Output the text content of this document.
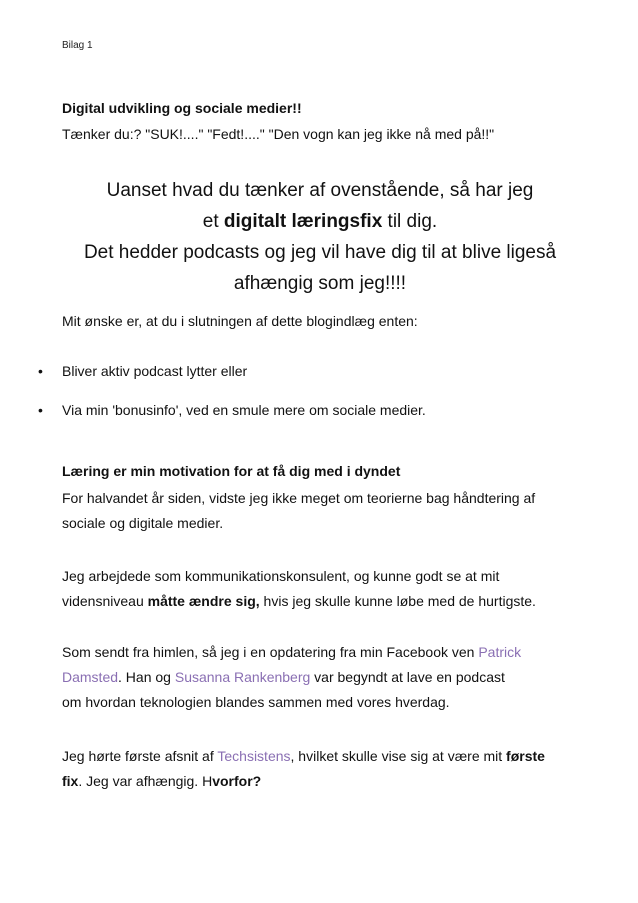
Bilag 1
Digital udvikling og sociale medier!!
Tænker du:? "SUK!...." "Fedt!...." "Den vogn kan jeg ikke nå med på!!"
Uanset hvad du tænker af ovenstående, så har jeg
et digitalt læringsfix til dig.
Det hedder podcasts og jeg vil have dig til at blive ligeså
afhængig som jeg!!!!
Mit ønske er, at du i slutningen af dette blogindlæg enten:
• Bliver aktiv podcast lytter eller
• Via min 'bonusinfo', ved en smule mere om sociale medier.
Læring er min motivation for at få dig med i dyndet

For halvandet år siden, vidste jeg ikke meget om teorierne bag håndtering af

sociale og digitale medier.

Jeg arbejdede som kommunikationskonsulent, og kunne godt se at mit

vidensniveau måtte ændre sig, hvis jeg skulle kunne løbe med de hurtigste.

Som sendt fra himlen, så jeg i en opdatering fra min Facebook ven Patrick

Damsted. Han og Susanna Rankenberg var begyndt at lave en podcast

om hvordan teknologien blandes sammen med vores hverdag.

Jeg hørte første afsnit af Techsistens, hvilket skulle vise sig at være mit første

fix. Jeg var afhængig. Hvorfor?
